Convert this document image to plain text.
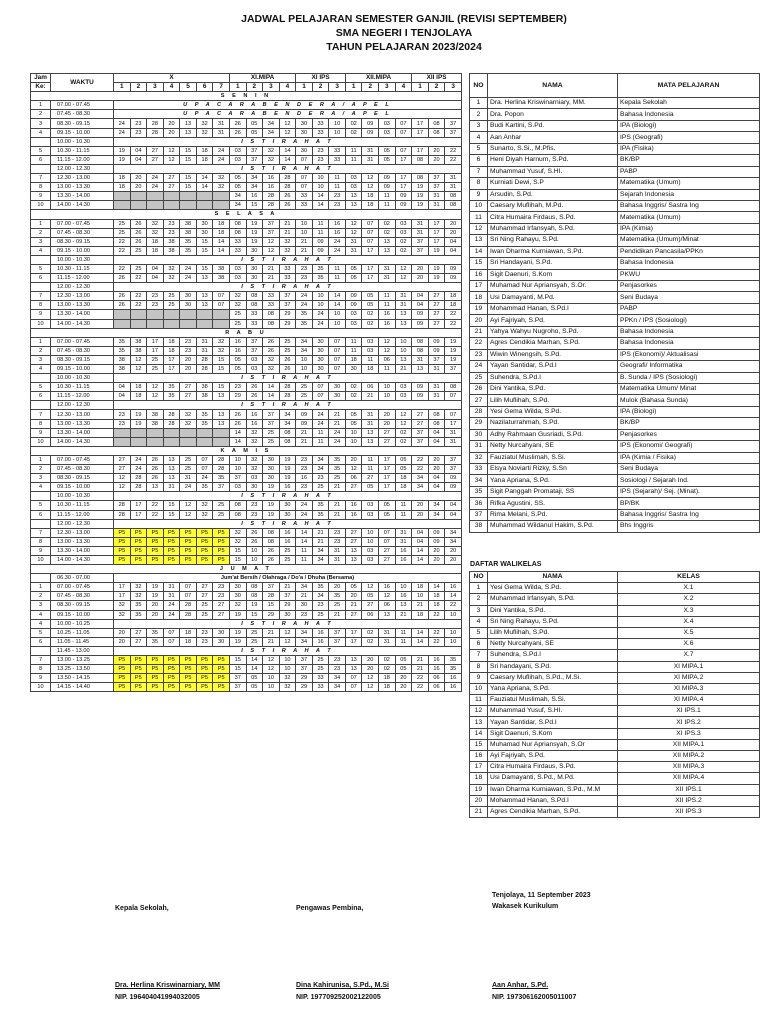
JADWAL PELAJARAN SEMESTER GANJIL (REVISI SEPTEMBER)
SMA NEGERI I TENJOLAYA
TAHUN PELAJARAN 2023/2024
Jam	WAKTU	X							XI.MIPA				XI IPS			XII.MIPA				XII IPS		
Ke:		1	2	3	4	5	6	7	1	2	3	4	1	2	3	1	2	3	4	1	2	3
S E N I N																						
1	07.00 - 07.45	U P A C A R A B E N D E R A / A P E L																				
2	07.45 - 08.30	U P A C A R A B E N D E R A / A P E L																				
3	08.30 - 09.15	24	23	28	20	13	32	31	26	05	34	12	30	33	10	02	09	03	07	17	08	37
4	09.15 - 10.00	24	23	28	20	13	32	31	26	05	34	12	30	33	10	02	09	03	07	17	08	37
	10.00 - 10.30	I S T I R A H A T																				
5	10.30 - 11.15	19	04	27	12	15	18	24	03	37	32	14	30	23	33	11	31	05	07	17	20	22
6	11.15 - 12.00	19	04	27	12	15	18	24	03	37	32	14	07	23	33	11	31	05	17	08	20	22
	12.00 - 12.30	I S T I R A H A T																				
7	12.30 - 13.00	18	20	24	27	15	14	32	05	34	16	28	07	10	11	03	12	09	17	08	37	31
8	13.00 - 13.30	18	20	24	27	15	14	32	05	34	16	28	07	10	11	03	12	09	17	19	37	31
9	13.30 - 14.00								34	16	28	26	33	14	23	13	18	11	09	19	31	08
10	14.00 - 14.30								34	15	28	26	33	14	23	13	18	11	09	19	31	08
S E L A S A																						
1	07.00 - 07.45	25	26	32	23	38	30	18	08	19	37	21	10	11	16	12	07	02	03	31	17	20
2	07.45 - 08.30	25	26	32	23	38	30	18	08	19	37	21	10	11	16	12	07	02	03	31	17	20
3	08.30 - 09.15	22	26	18	38	35	15	14	33	19	12	32	21	09	24	31	07	13	02	37	17	04
4	09.15 - 10.00	22	25	18	38	35	15	14	33	30	12	32	21	09	24	31	17	13	02	37	19	04
	10.00 - 10.30	I S T I R A H A T																				
5	10.30 - 11.15	22	25	04	32	24	15	38	03	30	21	33	23	35	11	05	17	31	12	20	19	09
6	11.15 - 12.00	26	22	04	32	24	13	38	03	30	21	33	23	35	11	05	17	31	12	20	19	09
	12.00 - 12.30	I S T I R A H A T																				
7	12.30 - 13.00	26	22	23	25	30	13	07	32	08	33	37	24	10	14	09	05	11	31	04	27	18
8	13.00 - 13.30	26	22	23	25	30	13	07	32	08	33	37	24	10	14	09	05	11	31	04	27	18
9	13.30 - 14.00								25	33	08	29	35	24	10	03	02	16	13	09	27	22
10	14.00 - 14.30								25	33	08	29	35	24	10	03	02	16	13	09	27	22
R A B U																						
1	07.00 - 07.45	35	38	17	18	23	31	32	16	37	26	25	34	30	07	11	03	12	10	08	09	19
2	07.45 - 08.30	35	38	17	18	23	31	32	16	37	26	25	34	30	07	11	03	12	10	08	09	19
3	08.30 - 09.15	38	12	25	17	20	28	15	05	03	32	26	10	30	07	18	11	06	13	31	37	19
4	09.15 - 10.00	38	12	25	17	20	28	15	05	03	32	26	10	30	07	30	18	11	21	13	31	37
	10.00 - 10.30	I S T I R A H A T																				
5	10.30 - 11.15	04	18	12	35	27	38	15	23	26	14	28	25	07	30	02	06	10	03	09	31	08
6	11.15 - 12.00	04	18	12	35	27	38	13	29	26	14	28	25	07	30	02	21	10	03	09	31	07
	12.00 - 12.30	I S T I R A H A T																				
7	12.30 - 13.00	23	19	38	28	32	35	13	26	16	37	34	09	24	21	05	31	20	12	27	08	07
8	13.00 - 13.30	23	19	38	28	32	35	13	26	16	37	34	09	24	21	05	31	20	12	27	08	17
9	13.30 - 14.00								14	32	25	08	21	11	24	10	13	27	02	37	04	31
10	14.00 - 14.30								14	32	25	08	21	11	24	10	13	27	02	37	04	31
K A M I S																						
1	07.00 - 07.45	27	24	26	13	25	07	28	10	32	30	19	23	34	35	20	11	17	05	22	20	37
2	07.45 - 08.30	27	24	26	13	25	07	28	10	32	30	19	23	34	35	12	11	17	05	22	20	37
3	08.30 - 09.15	12	28	26	13	31	24	35	37	03	30	19	16	23	25	06	27	17	18	34	04	09
4	09.15 - 10.00	12	28	13	31	24	35	37	03	30	19	16	23	25	21	27	05	17	18	34	04	09
	10.00 - 10.30	I S T I R A H A T																				
5	10.30 - 11.15	28	17	22	15	12	32	25	08	23	19	30	24	35	21	16	03	05	11	20	34	04
6	11.15 - 12.00	28	17	22	15	12	32	25	08	23	19	30	24	35	21	16	03	05	11	20	34	04
	12.00 - 12.30	I S T I R A H A T																				
7	12.30 - 13.00	P5	P5	P5	P5	P5	P5	P5	32	26	08	16	14	21	23	27	10	07	31	04	09	34
8	13.00 - 13.30	P5	P5	P5	P5	P5	P5	P5	32	26	08	16	14	21	23	27	10	07	31	04	09	34
9	13.30 - 14.00	P5	P5	P5	P5	P5	P5	P5	15	10	26	25	11	34	31	13	03	27	16	14	20	20
10	14.00 - 14.30	P5	P5	P5	P5	P5	P5	P5	15	10	26	25	11	34	31	13	03	27	16	14	20	20
J U M A T																						
	06.30 - 07.00	Jum'at Bersih / Olahraga / Do'a / Dhuha (Bersama)																				
1	07.00 - 07.45	17	32	19	31	07	27	23	30	08	37	21	34	35	20	05	12	16	10	18	14	16
2	07.45 - 08.30	17	32	19	31	07	27	23	30	08	28	37	21	34	35	20	05	12	16	10	18	14
3	08.30 - 09.15	32	35	20	24	28	25	27	32	19	15	29	30	23	25	21	27	06	13	21	18	22
4	09.15 - 10.00	32	35	20	24	28	25	27	19	15	29	30	23	25	21	27	06	13	21	18	22	10
4	10.00 - 10.25	I S T I R A H A T																				
5	10.25 - 11.05	20	27	35	07	18	23	30	19	25	21	12	34	16	37	17	02	31	11	14	22	10
6	11.05 - 11.45	20	27	35	07	18	23	30	19	25	21	12	34	16	37	17	02	31	11	14	22	10
	11.45 - 13.00	I S T I R A H A T																				
7	13.00 - 13.25	P5	P5	P5	P5	P5	P5	P5	15	14	12	10	37	25	23	13	20	02	05	21	16	35
8	13.25 - 13.50	P5	P5	P5	P5	P5	P5	P5	15	14	12	10	37	25	23	13	20	02	05	21	16	35
9	13.50 - 14.15	P5	P5	P5	P5	P5	P5	P5	37	05	10	32	29	33	34	07	12	18	20	22	06	16
10	14.15 - 14.40	P5	P5	P5	P5	P5	P5	P5	37	05	10	32	29	33	34	07	12	18	20	22	06	16
NO	NAMA	MATA PELAJARAN
1	Dra. Herlina Kriswinarniary, MM.	Kepala Sekolah
2	Dra. Popon	Bahasa Indonesia
3	Budi Kartini, S.Pd.	IPA (Biologi)
4	Aan Anhar	IPS (Geografi)
5	Sunarto, S.Si., M.Pfis.	IPA (Fisika)
6	Heni Diyah Harnum, S.Pd.	BK/BP
7	Muhammad Yusuf, S.HI.	PABP
8	Kurniati Dewi, S.P	Matematika (Umum)
9	Arsudin, S.Pd.	Sejarah Indonesia
10	Caesary Muflihah, M.Pd.	Bahasa Inggris/ Sastra Ing
11	Citra Humaira Firdaus, S.Pd.	Matematika (Umum)
12	Muhammad Irfansyah, S.Pd.	IPA (Kimia)
13	Sri Ning Rahayu, S.Pd.	Matematika (Umum)/Minat
14	Iwan Dharma Kurniawan, S.Pd.	Pendidikan Pancasila/PPKn
15	Sri Handayani, S.Pd.	Bahasa Indonesia
16	Sigit Daenuri, S.Kom	PKWU
17	Muhamad Nur Apriansyah, S.Or.	Penjasorkes
18	Usi Damayanti, M.Pd.	Seni Budaya
19	Mohammad Hanan, S.Pd.I	PABP
20	Ayi Fajriyah, S.Pd.	PPKn / IPS (Sosiologi)
21	Yahya Wahyu Nugroho, S.Pd.	Bahasa Indonesia
22	Agres Cendikia Marhan, S.Pd.	Bahasa Indonesia
23	Wiwin Winengsih, S.Pd.	IPS (Ekonomi)/ Aktualisasi
24	Yayan Santidar, S.Pd.I	Geografi/ Informatika
25	Suhendra, S.Pd.I	B. Sunda / IPS (Sosiologi)
26	Dini Yantika, S.Pd.	Matematika Umum/ Minat
27	Lilih Muflihah, S.Pd.	Mulok (Bahasa Sunda)
28	Yesi Gema Wilda, S.Pd.	IPA (Biologi)
29	Nazilaturrahmah, S.Pd.	BK/BP
30	Adhy Rahmaan Gusriadi, S.Pd.	Penjasorkes
31	Netty Nurcahyani, SE	IPS (Ekonomi/ Geografi)
32	Fauziatul Muslimah, S.Si.	IPA (Kimia / Fisika)
33	Elsya Noviarti Rizky, S.Sn	Seni Budaya
34	Yana Apriana, S.Pd.	Sosiologi / Sejarah Ind.
35	Sigit Panggah Promataji, SS	IPS (Sejarah)/ Sej. (Minat).
36	Rifka Agustini, SS.	BP/BK
37	Rima Melani, S.Pd.	Bahasa Inggris/ Sastra Ing
38	Muhammad Wildanul Hakim, S.Pd.	Bhs Inggris
DAFTAR WALIKELAS
NO	NAMA	KELAS
1	Yesi Gema Wilda, S.Pd.	X.1
2	Muhammad Irfansyah, S.Pd.	X.2
3	Dini Yantika, S.Pd.	X.3
4	Sri Ning Rahayu, S.Pd.	X.4
5	Lilih Muflihah, S.Pd.	X.5
6	Netty Nurcahyani, SE	X.6
7	Suhendra, S.Pd.I	X.7
8	Sri handayani, S.Pd.	XI MIPA.1
9	Caesary Muflihah, S.Pd., M.Si.	XI MIPA.2
10	Yana Apriana, S.Pd.	XI MIPA.3
11	Fauziatul Muslimah, S.Si.	XI MIPA.4
12	Muhammad Yusuf, S.HI.	XI IPS.1
13	Yayan Santidar, S.Pd.I	XI IPS.2
14	Sigit Daenuri, S.Kom	XI IPS.3
15	Muhamad Nur Apriansyah, S.Or	XII MIPA.1
16	Ayi Fajriyah, S.Pd.	XII MIPA.2
17	Citra Humaira Firdaus, S.Pd.	XII MIPA.3
18	Usi Damayanti, S.Pd., M.Pd.	XII MIPA.4
19	Iwan Dharma Kurniawan, S.Pd., M.M	XII IPS.1
20	Mohammad Hanan, S.Pd.I	XII IPS.2
21	Agres Cendikia Marhan, S.Pd.	XII IPS.3
Tenjolaya, 11 September 2023
Wakasek Kurikulum
Kepala Sekolah,	Pengawas Pembina,
Dra. Herlina Kriswinarniary, MM
NIP. 196404041994032005
Dina Kahirunisa, S.Pd., M.Si
NIP. 197709252002122005
Aan Anhar, S.Pd.
NIP. 197306162005011007
